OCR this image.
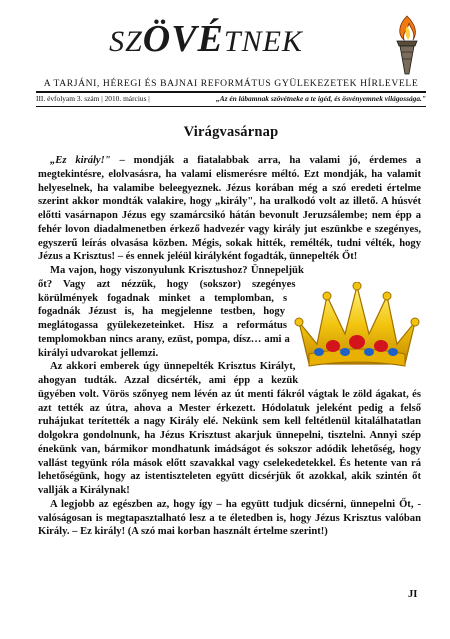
SZÖVÉTNEK
A TARJÁNI, HÉREGI ÉS BAJNAI REFORMÁTUS GYÜLEKEZETEK HÍRLEVELE
III. évfolyam 3. szám | 2010. március |	„Az én lábamnak szövétneke a te igéd, és ösvényemnek világossága."
Virágvasárnap

„Ez király!" – mondják a fiatalabbak arra, ha valami jó, érdemes a megtekintésre, elolvasásra, ha valami elismerésre méltó. Ezt mondják, ha valamit helyeselnek, ha valamibe beleegyeznek. Jézus korában még a szó eredeti értelme szerint akkor mondták valakire, hogy „király", ha uralkodó volt az illető. A húsvét előtti vasárnapon Jézus egy szamárcsikó hátán bevonult Jeruzsálembe; nem épp a fehér lovon diadalmenetben érkező hadvezér vagy király jut eszünkbe e szegényes, egyszerű leírás olvasása közben. Mégis, sokak hitték, remélték, tudni vélték, hogy Jézus a Krisztus! – és ennek jeléül királyként fogadták, ünnepelték Őt!

Ma vajon, hogy viszonyulunk Krisztushoz? Ünnepeljük őt? Vagy azt nézzük, hogy (sokszor) szegényes körülmények fogadnak minket a templomban, s fogadnák Jézust is, ha megjelenne testben, hogy meglátogassa gyülekezeteinket. Hisz a református templomokban nincs arany, ezüst, pompa, dísz… ami a királyi udvarokat jellemzi.

Az akkori emberek úgy ünnepelték Krisztus Királyt, ahogyan tudták. Azzal dicsérték, ami épp a kezük ügyében volt. Vörös szőnyeg nem lévén az út menti fákról vágtak le zöld ágakat, és azt tették az útra, ahova a Mester érkezett. Hódolatuk jeleként pedig a felső ruhájukat terítették a nagy Király elé. Nekünk sem kell feltétlenül kitalálhatatlan dolgokra gondolnunk, ha Jézus Krisztust akarjuk ünnepelni, tisztelni. Annyi szép énekünk van, bármikor mondhatunk imádságot és sokszor adódik lehetőség, hogy vallást tegyünk róla mások előtt szavakkal vagy cselekedetekkel. És hetente van rá lehetőségünk, hogy az istentiszteleten együtt dicsérjük őt azokkal, akik szintén őt vallják a Királynak!

A legjobb az egészben az, hogy így – ha együtt tudjuk dicsérni, ünnepelni Őt, - valóságosan is megtapasztalható lesz a te életedben is, hogy Jézus Krisztus valóban Király. – Ez király! (A szó mai korban használt értelme szerint!)

JI
